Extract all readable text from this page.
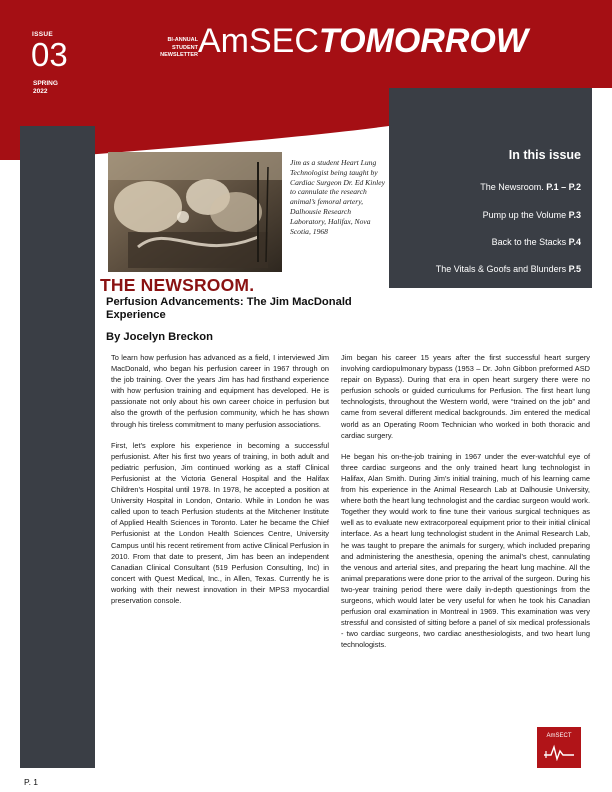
ISSUE
03
SPRING
2022
BI-ANNUAL
STUDENT
NEWSLETTER AmSECTOMORROW
In this issue
The Newsroom. P.1 – P.2
Pump up the Volume P.3
Back to the Stacks P.4
The Vitals & Goofs and Blunders P.5
Jim as a student Heart Lung Technologist being taught by Cardiac Surgeon Dr. Ed Kinley to cannulate the research animal’s femoral artery, Dalhousie Research Laboratory, Halifax, Nova Scotia, 1968
THE NEWSROOM.
Perfusion Advancements: The Jim MacDonald Experience
By Jocelyn Breckon

To learn how perfusion has advanced as a field, I interviewed Jim MacDonald, who began his perfusion career in 1967 through on the job training. Over the years Jim has had firsthand experience with how perfusion training and equipment has developed. He is passionate not only about his own career choice in perfusion but also the growth of the perfusion community, which he has shown through his tireless commitment to many perfusion associations.

First, let’s explore his experience in becoming a successful perfusionist. After his first two years of training, in both adult and pediatric perfusion, Jim continued working as a staff Clinical Perfusionist at the Victoria General Hospital and the Halifax Children’s Hospital until 1978. In 1978, he accepted a position at University Hospital in London, Ontario. While in London he was called upon to teach Perfusion students at the Mitchener Institute of Applied Health Sciences in Toronto. Later he became the Chief Perfusionist at the London Health Sciences Centre, University Campus until his recent retirement from active Clinical Perfusion in 2010. From that date to present, Jim has been an independent Canadian Clinical Consultant (519 Perfusion Consulting, Inc) in concert with Quest Medical, Inc., in Allen, Texas. Currently he is working with their newest innovation in their MPS3 myocardial preservation console.

Jim began his career 15 years after the first successful heart surgery involving cardiopulmonary bypass (1953 – Dr. John Gibbon preformed ASD repair on Bypass). During that era in open heart surgery there were no perfusion schools or guided curriculums for Perfusion. The first heart lung technologists, throughout the Western world, were “trained on the job” and came from several different medical backgrounds. Jim entered the medical world as an Operating Room Technician who worked in both thoracic and cardiac surgery.

He began his on-the-job training in 1967 under the ever-watchful eye of three cardiac surgeons and the only trained heart lung technologist in Halifax, Alan Smith. During Jim’s initial training, much of his learning came from his experience in the Animal Research Lab at Dalhousie University, where both the heart lung technologist and the cardiac surgeon would work. Together they would work to fine tune their various surgical techniques as well as to evaluate new extracorporeal equipment prior to their initial clinical interface. As a heart lung technologist student in the Animal Research Lab, he was taught to prepare the animals for surgery, which included preparing and administering the anesthesia, opening the animal’s chest, cannulating the venous and arterial sites, and preparing the heart lung machine. All the animal preparations were done prior to the arrival of the surgeon. During his two-year training period there were daily in-depth questionings from the surgeons, which would later be very useful for when he took his Canadian perfusion oral examination in Montreal in 1969. This examination was very stressful and consisted of sitting before a panel of six medical professionals - two cardiac surgeons, two cardiac anesthesiologists, and two heart lung technologists.

P. 1
AmSECT
